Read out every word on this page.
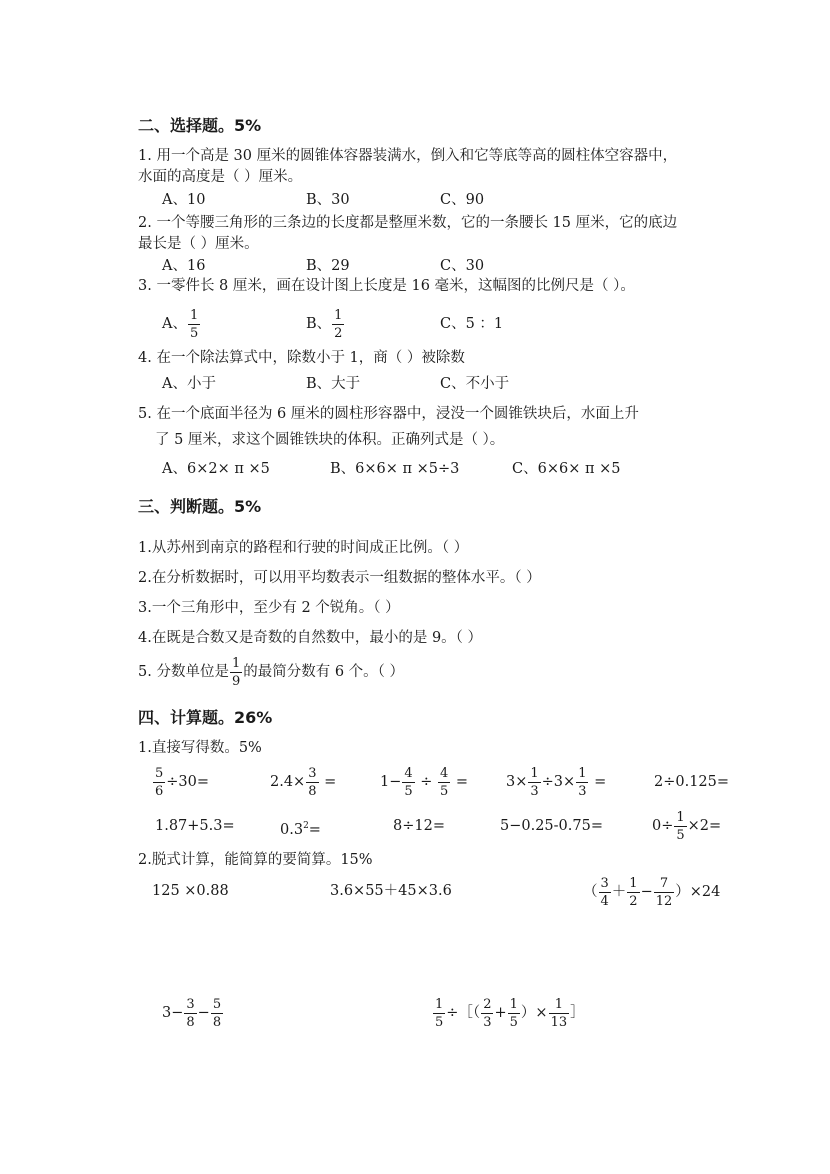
二、选择题。5%
1. 用一个高是 30 厘米的圆锥体容器装满水，倒入和它等底等高的圆柱体空容器中，
水面的高度是（ ）厘米。
A、10	B、30	C、90
2. 一个等腰三角形的三条边的长度都是整厘米数，它的一条腰长 15 厘米，它的底边
最长是（ ）厘米。
A、16	B、29	C、30
3. 一零件长 8 厘米，画在设计图上长度是 16 毫米，这幅图的比例尺是（ ）。
A、 $\frac{1}{5}$	B、 $\frac{1}{2}$	C、5 ：1
4. 在一个除法算式中，除数小于 1，商（ ）被除数
A、小于	B、大于	C、不小于
5. 在一个底面半径为 6 厘米的圆柱形容器中，浸没一个圆锥铁块后，水面上升
了 5 厘米，求这个圆锥铁块的体积。正确列式是（ ）。
A、6×2× π ×5	B、6×6× π ×5÷3	C、6×6× π ×5
三、判断题。5%
1.从苏州到南京的路程和行驶的时间成正比例。（ ）
2.在分析数据时，可以用平均数表示一组数据的整体水平。（ ）
3.一个三角形中，至少有 2 个锐角。（ ）
4.在既是合数又是奇数的自然数中，最小的是 9。（ ）
5. 分数单位是 $\frac{1}{9}$ 的最简分数有 6 个。（ ）
四、计算题。26%
1.直接写得数。5%
$\frac{5}{6} \div 30=$	$2.4\times \frac{3}{8}$ =	$1- \frac{4}{5} \div \frac{4}{5}$ =	$3\times \frac{1}{3} \div 3\times \frac{1}{3}$ =	2÷0.125=
1.87+5.3=	$0.3^2=$	8÷12=	5−0.25-0.75=	$0\div \frac{1}{5} \times 2=$
2.脱式计算，能简算的要简算。15%
125 ×0.88	3.6×55＋45×3.6	（ $\frac{3}{4} + \frac{1}{2} - \frac{7}{12} )\times 24$
$3- \frac{3}{8} - \frac{5}{8}$	$\frac{1}{5}$ ÷［（ $\frac{2}{3} + \frac{1}{5}$ ）× $\frac{1}{13}$ ］
